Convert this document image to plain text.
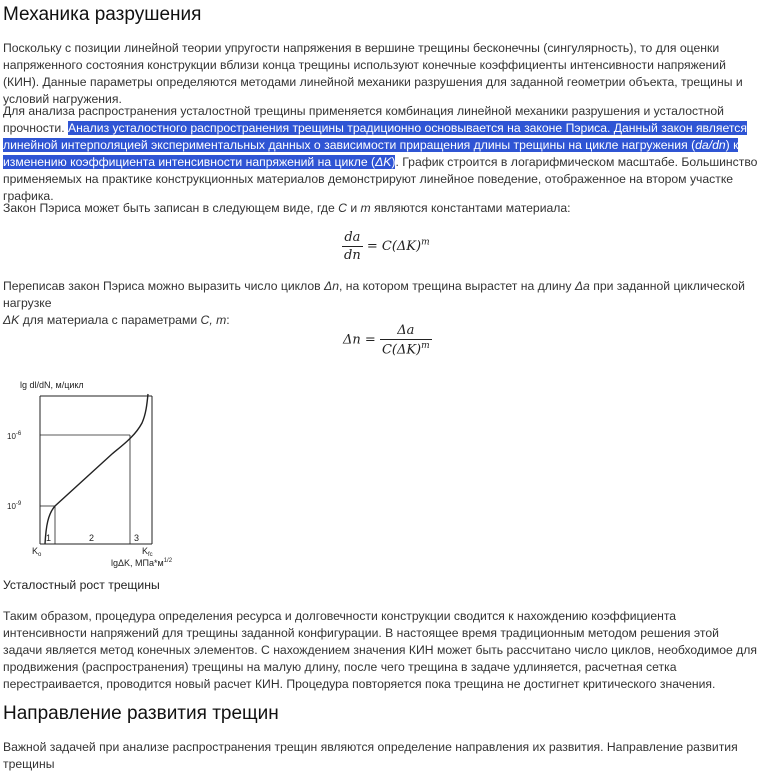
Механика разрушения

Поскольку с позиции линейной теории упругости напряжения в вершине трещины бесконечны (сингулярность), то для оценки напряженного состояния конструкции вблизи конца трещины используют конечные коэффициенты интенсивности напряжений (КИН). Данные параметры определяются методами линейной механики разрушения для заданной геометрии объекта, трещины и условий нагружения.

Для анализа распространения усталостной трещины применяется комбинация линейной механики разрушения и усталостной прочности. Анализ усталостного распространения трещины традиционно основывается на законе Пэриса. Данный закон является линейной интерполяцией экспериментальных данных о зависимости приращения длины трещины на цикле нагружения (da/dn) к изменению коэффициента интенсивности напряжений на цикле (ΔK). График строится в логарифмическом масштабе. Большинство применяемых на практике конструкционных материалов демонстрируют линейное поведение, отображенное на втором участке графика.

Закон Пэриса может быть записан в следующем виде, где C и m являются константами материала:

$\frac{da}{dn} = C(\Delta K)^m$

Переписав закон Пэриса можно выразить число циклов Δn, на котором трещина вырастет на длину Δa при заданной циклической нагрузке
ΔK для материала с параметрами C, m:

$\Delta n = \frac{\Delta a}{C(\Delta K)^m}$
lg dl/dN, м/цикл
$10^{-6}$
$10^{-9}$
1	2	3
$K_o$	$K_{fc}$
lgΔK, $МПа*м^{1/2}$
Усталостный рост трещины

Таким образом, процедура определения ресурса и долговечности конструкции сводится к нахождению коэффициента интенсивности напряжений для трещины заданной конфигурации. В настоящее время традиционным методом решения этой задачи является метод конечных элементов. С нахождением значения КИН может быть рассчитано число циклов, необходимое для продвижения (распространения) трещины на малую длину, после чего трещина в задаче удлиняется, расчетная сетка перестраивается, проводится новый расчет КИН. Процедура повторяется пока трещина не достигнет критического значения.

Направление развития трещин

Важной задачей при анализе распространения трещин являются определение направления их развития. Направление развития трещины
